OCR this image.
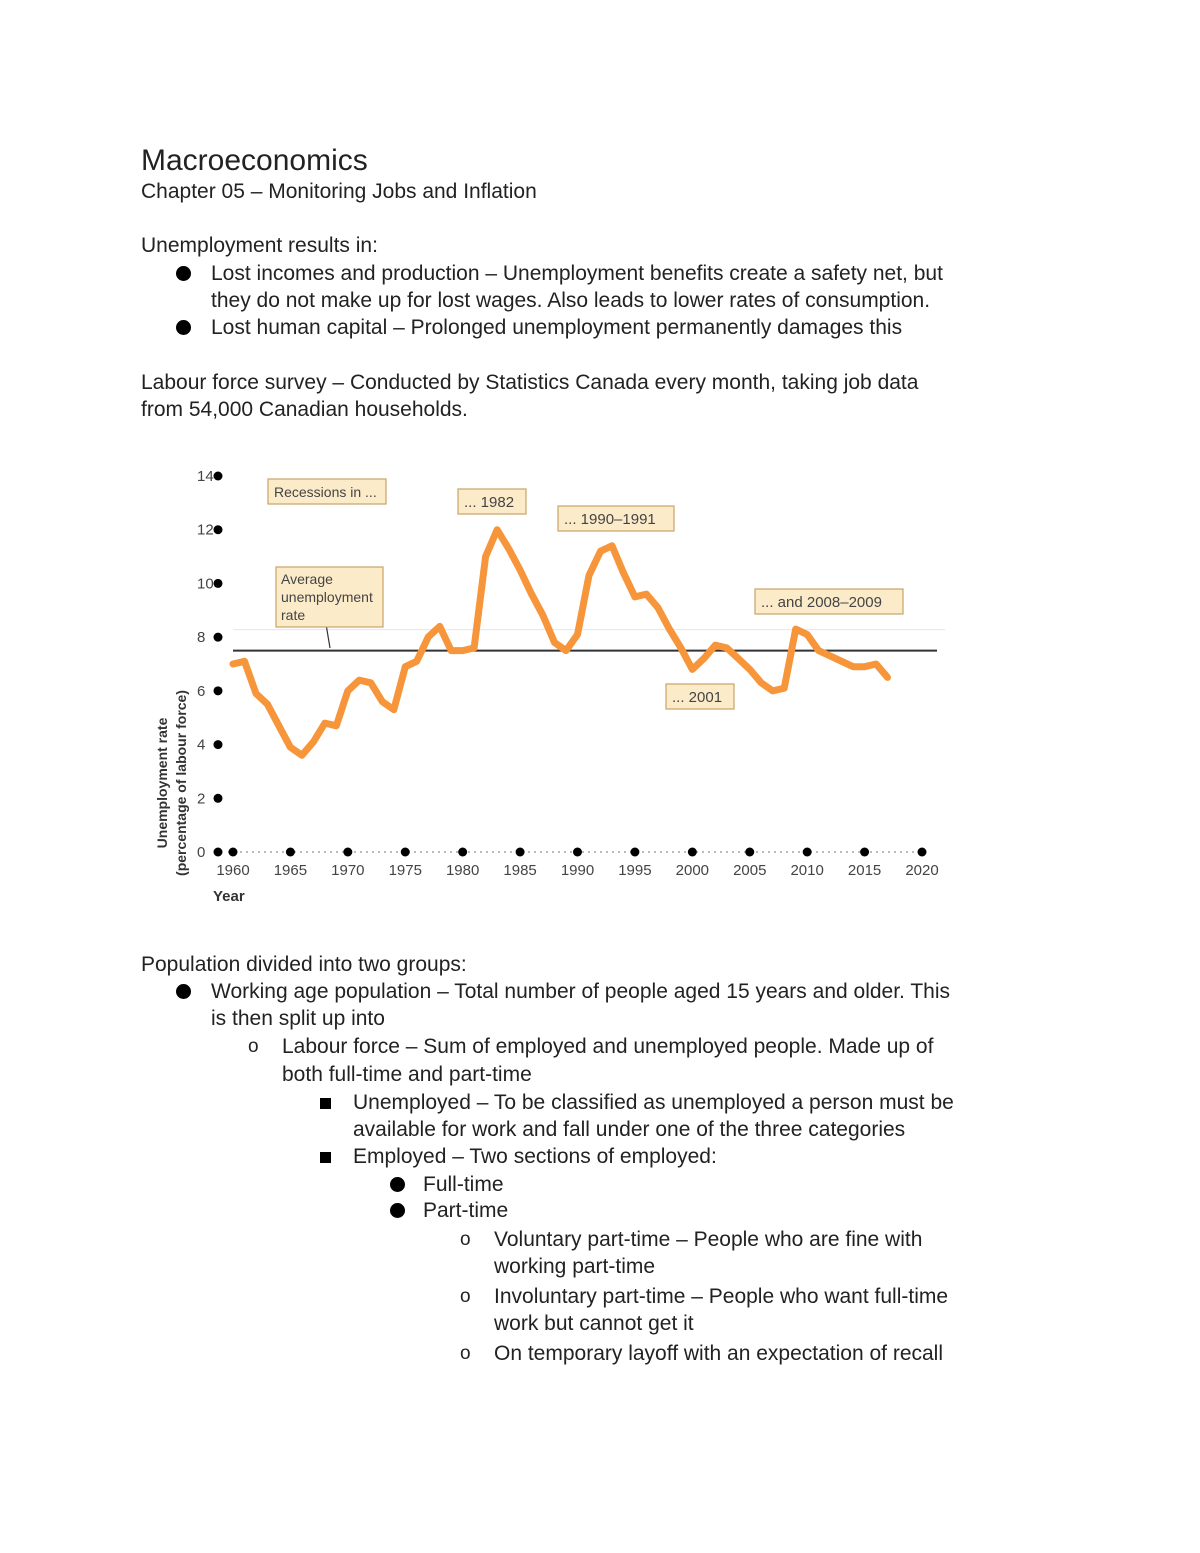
Macroeconomics
Chapter 05 – Monitoring Jobs and Inflation
Unemployment results in:
Lost incomes and production – Unemployment benefits create a safety net, but
they do not make up for lost wages. Also leads to lower rates of consumption.
Lost human capital – Prolonged unemployment permanently damages this
Labour force survey – Conducted by Statistics Canada every month, taking job data
from 54,000 Canadian households.
0
2
4
6
8
10
12
14
1960 1965 1970 1975 1980 1985 1990 1995 2000 2005 2010 2015 2020
Recessions in ...
Average
unemployment
rate
... 1982
... 1990–1991
... 2001
... and 2008–2009
Unemployment rate (percentage of labour force)
Year
Population divided into two groups:
Working age population – Total number of people aged 15 years and older. This
is then split up into
o	Labour force – Sum of employed and unemployed people. Made up of
both full-time and part-time
Unemployed – To be classified as unemployed a person must be
available for work and fall under one of the three categories
Employed – Two sections of employed:
Full-time
Part-time
o	Voluntary part-time – People who are fine with
working part-time
o	Involuntary part-time – People who want full-time
work but cannot get it
o	On temporary layoff with an expectation of recall
